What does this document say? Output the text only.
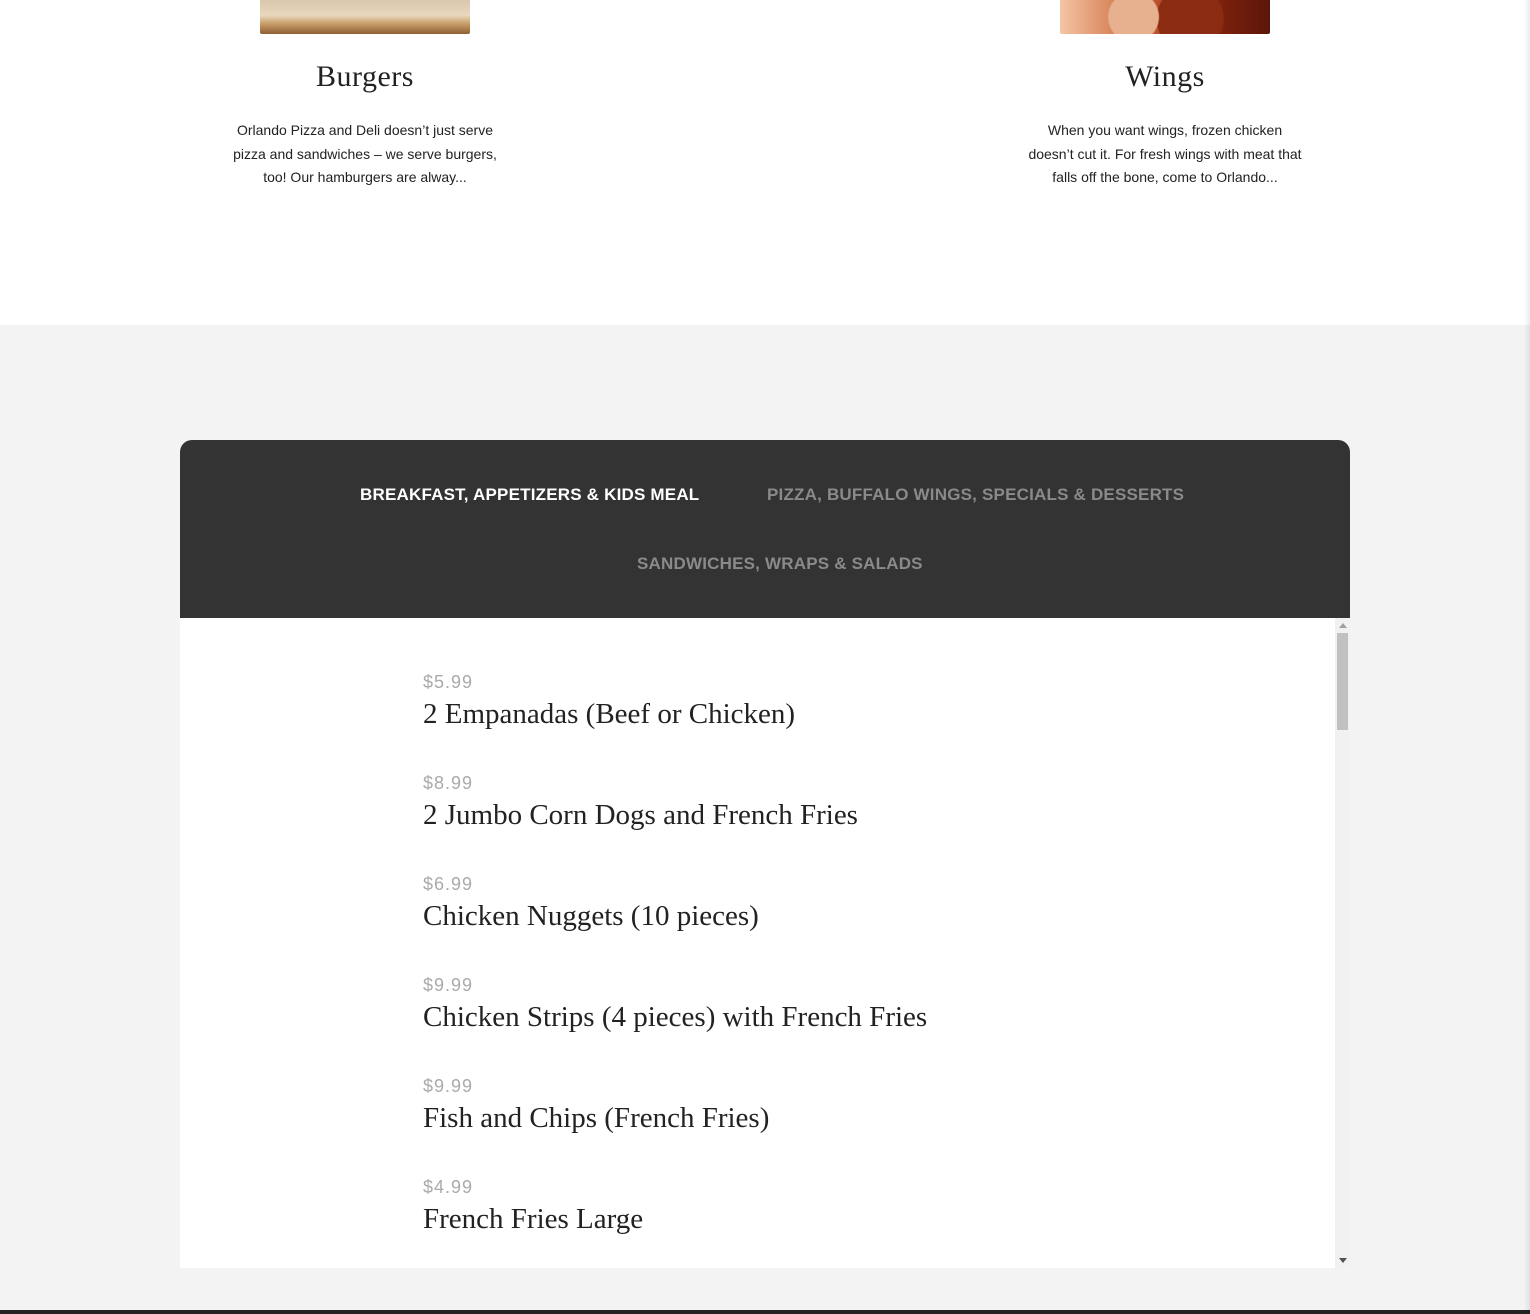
Burgers

Orlando Pizza and Deli doesn’t just serve pizza and sandwiches – we serve burgers, too! Our hamburgers are alway...

Wings

When you want wings, frozen chicken doesn’t cut it. For fresh wings with meat that falls off the bone, come to Orlando...

BREAKFAST, APPETIZERS & KIDS MEAL	PIZZA, BUFFALO WINGS, SPECIALS & DESSERTS
SANDWICHES, WRAPS & SALADS
$5.99
2 Empanadas (Beef or Chicken)
$8.99
2 Jumbo Corn Dogs and French Fries
$6.99
Chicken Nuggets (10 pieces)
$9.99
Chicken Strips (4 pieces) with French Fries
$9.99
Fish and Chips (French Fries)
$4.99
French Fries Large
